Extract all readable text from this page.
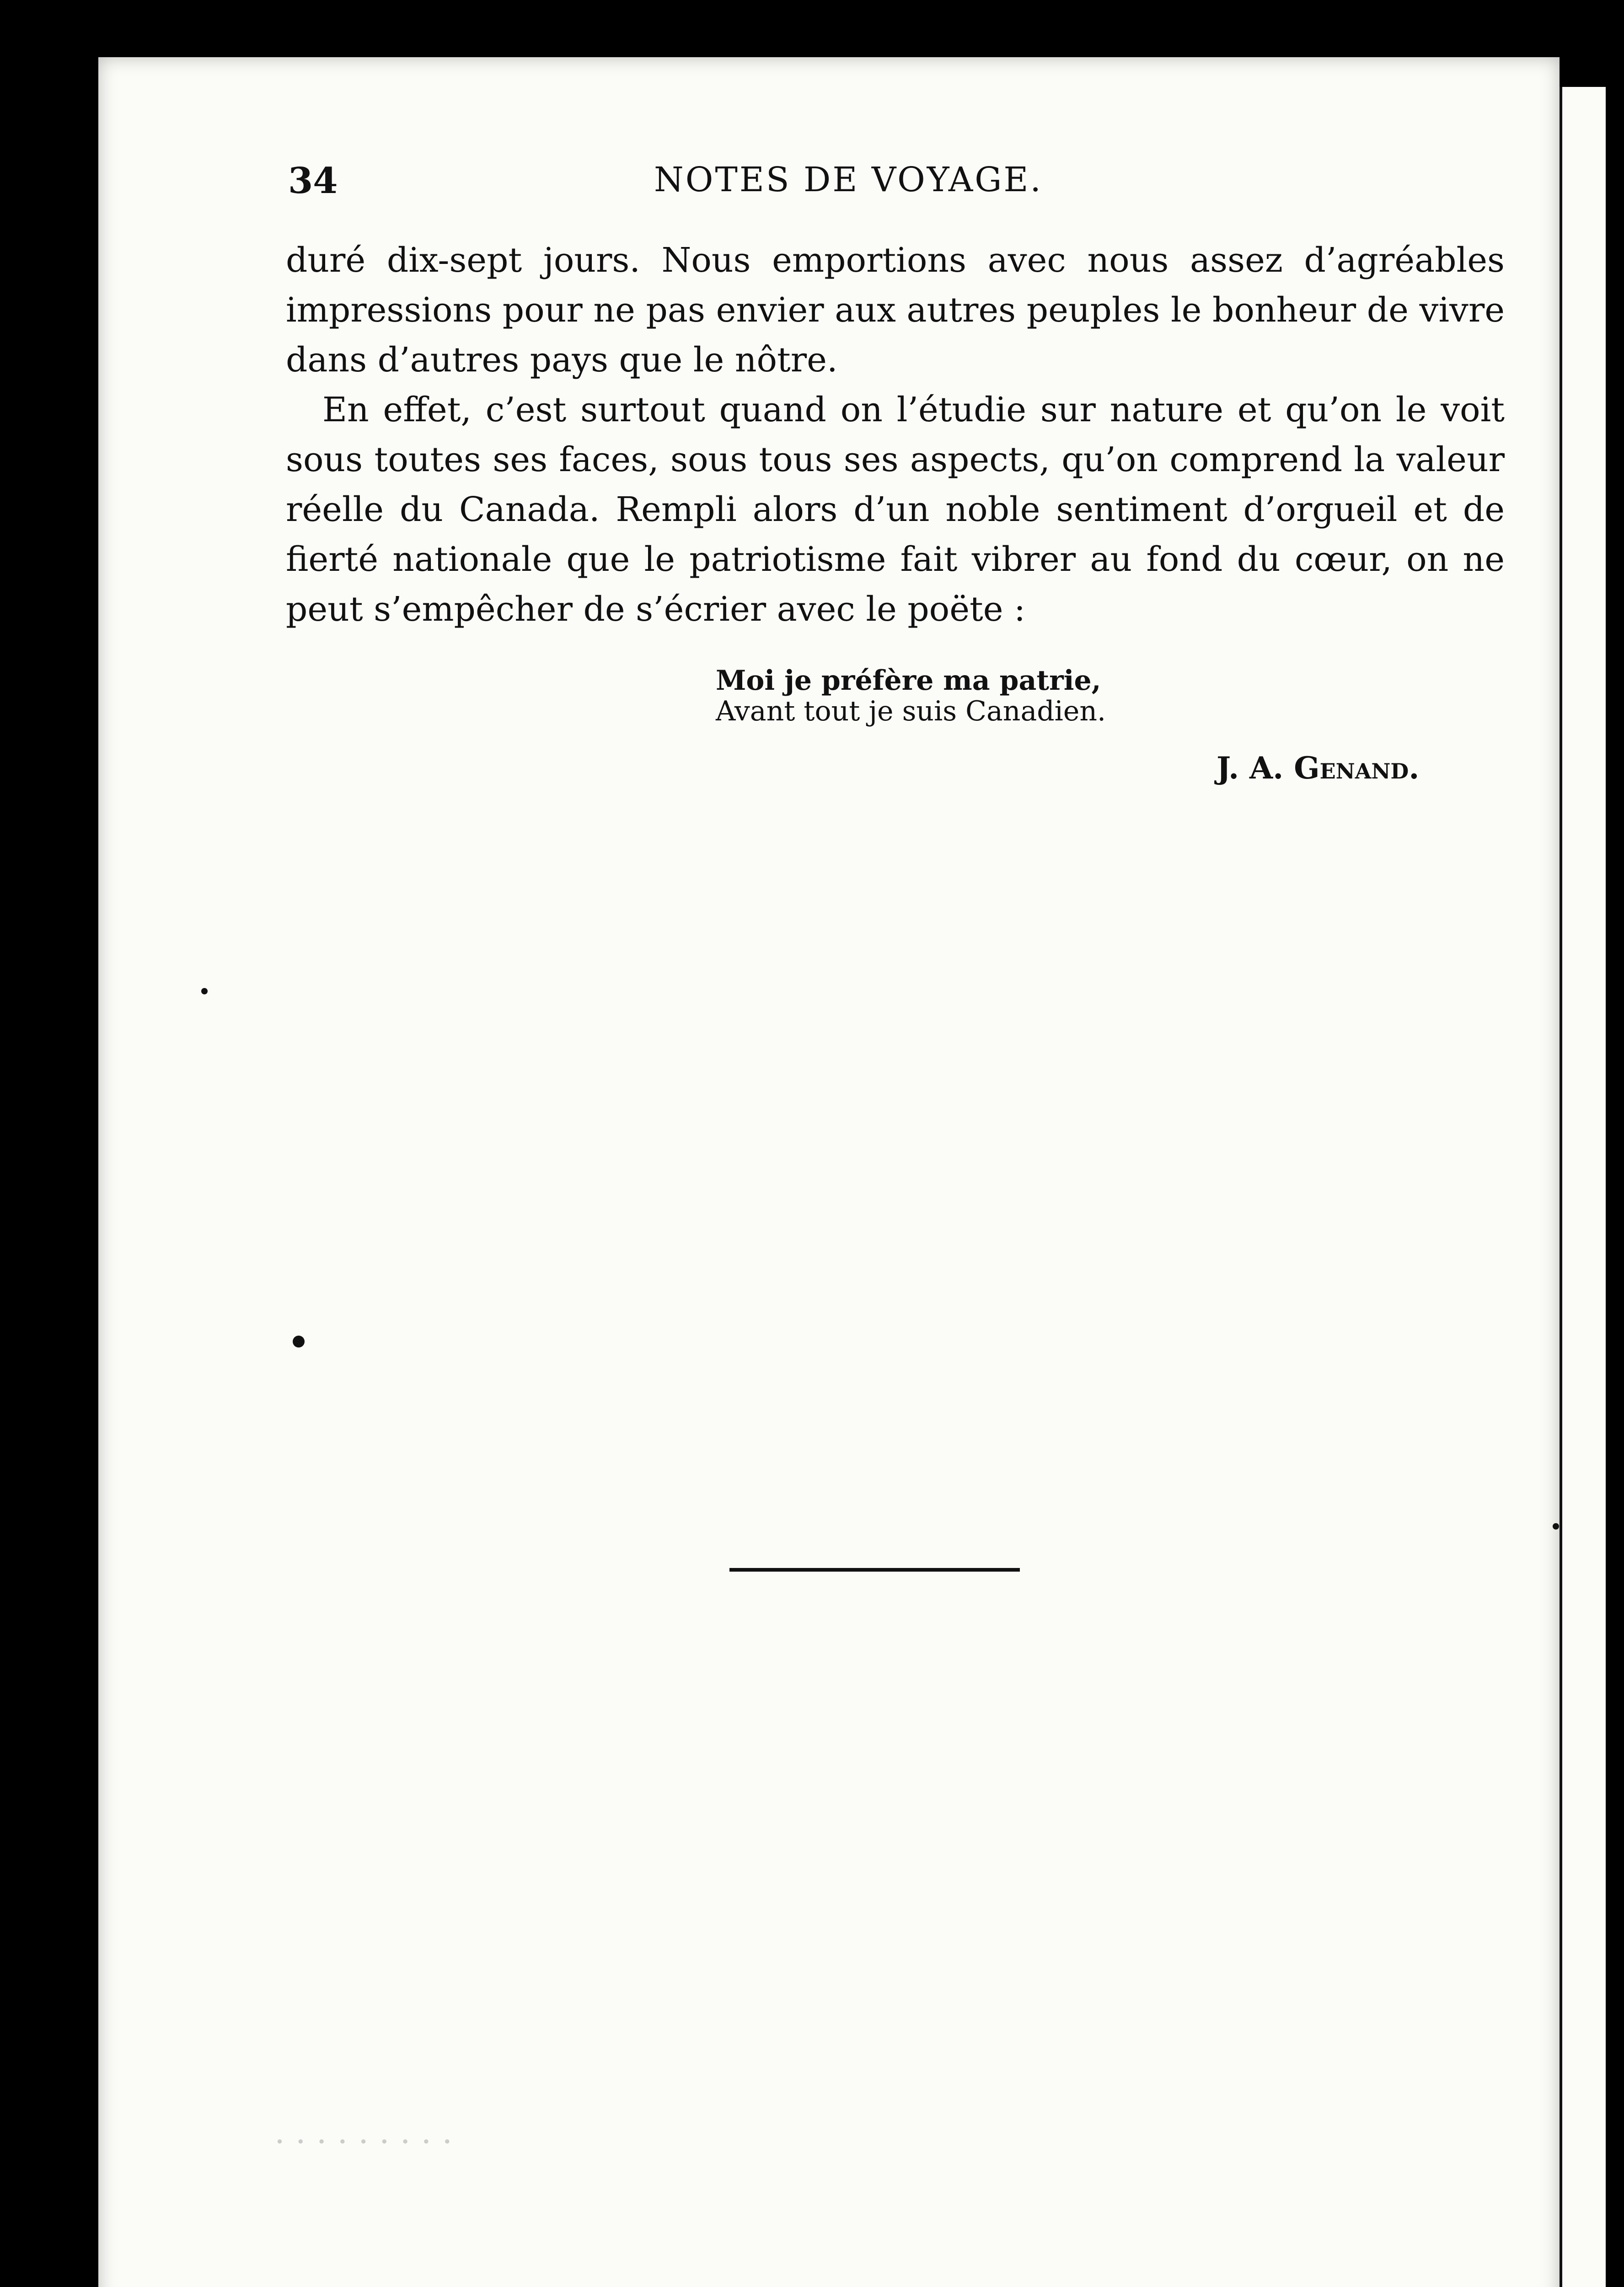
34	NOTES DE VOYAGE.

duré dix-sept jours. Nous emportions avec nous assez d’agréables impressions pour ne pas envier aux autres peuples le bonheur de vivre dans d’autres pays que le nôtre.

En effet, c’est surtout quand on l’étudie sur nature et qu’on le voit sous toutes ses faces, sous tous ses aspects, qu’on comprend la valeur réelle du Canada. Rempli alors d’un noble sentiment d’orgueil et de fierté nationale que le patriotisme fait vibrer au fond du cœur, on ne peut s’empêcher de s’écrier avec le poëte :

Moi je préfère ma patrie,
Avant tout je suis Canadien.
J. A. Genand.
· · · · · · · · ·
